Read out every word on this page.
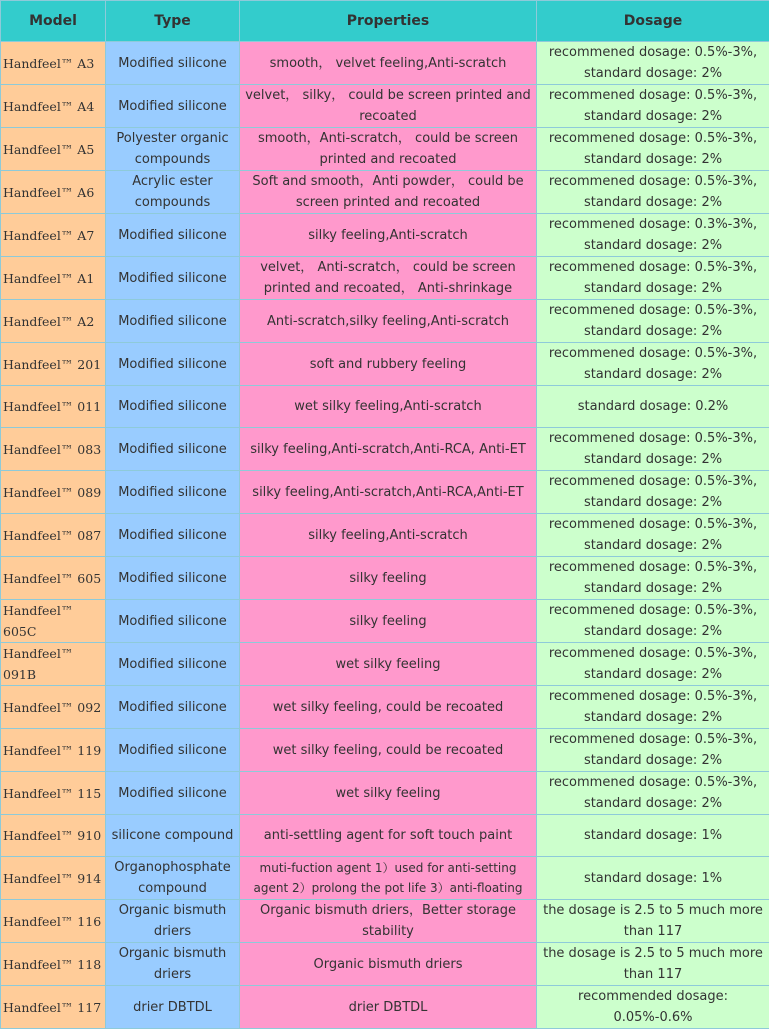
Model	Type	Properties	Dosage
Handfeel™ A3	Modified silicone	smooth， velvet feeling,Anti-scratch	recommened dosage: 0.5%-3%, standard dosage: 2%
Handfeel™ A4	Modified silicone	velvet， silky， could be screen printed and recoated	recommened dosage: 0.5%-3%, standard dosage: 2%
Handfeel™ A5	Polyester organic compounds	smooth，Anti-scratch， could be screen printed and recoated	recommened dosage: 0.5%-3%, standard dosage: 2%
Handfeel™ A6	Acrylic ester compounds	Soft and smooth，Anti powder， could be screen printed and recoated	recommened dosage: 0.5%-3%, standard dosage: 2%
Handfeel™ A7	Modified silicone	silky feeling,Anti-scratch	recommened dosage: 0.3%-3%, standard dosage: 2%
Handfeel™ A1	Modified silicone	velvet， Anti-scratch， could be screen printed and recoated， Anti-shrinkage	recommened dosage: 0.5%-3%, standard dosage: 2%
Handfeel™ A2	Modified silicone	Anti-scratch,silky feeling,Anti-scratch	recommened dosage: 0.5%-3%, standard dosage: 2%
Handfeel™ 201	Modified silicone	soft and rubbery feeling	recommened dosage: 0.5%-3%, standard dosage: 2%
Handfeel™ 011	Modified silicone	wet silky feeling,Anti-scratch	standard dosage: 0.2%
Handfeel™ 083	Modified silicone	silky feeling,Anti-scratch,Anti-RCA, Anti-ET	recommened dosage: 0.5%-3%, standard dosage: 2%
Handfeel™ 089	Modified silicone	silky feeling,Anti-scratch,Anti-RCA,Anti-ET	recommened dosage: 0.5%-3%, standard dosage: 2%
Handfeel™ 087	Modified silicone	silky feeling,Anti-scratch	recommened dosage: 0.5%-3%, standard dosage: 2%
Handfeel™ 605	Modified silicone	silky feeling	recommened dosage: 0.5%-3%, standard dosage: 2%
Handfeel™ 605C	Modified silicone	silky feeling	recommened dosage: 0.5%-3%, standard dosage: 2%
Handfeel™ 091B	Modified silicone	wet silky feeling	recommened dosage: 0.5%-3%, standard dosage: 2%
Handfeel™ 092	Modified silicone	wet silky feeling, could be recoated	recommened dosage: 0.5%-3%, standard dosage: 2%
Handfeel™ 119	Modified silicone	wet silky feeling, could be recoated	recommened dosage: 0.5%-3%, standard dosage: 2%
Handfeel™ 115	Modified silicone	wet silky feeling	recommened dosage: 0.5%-3%, standard dosage: 2%
Handfeel™ 910	silicone compound	anti-settling agent for soft touch paint	standard dosage: 1%
Handfeel™ 914	Organophosphate compound	muti-fuction agent 1）used for anti-setting agent 2）prolong the pot life 3）anti-floating	standard dosage: 1%
Handfeel™ 116	Organic bismuth driers	Organic bismuth driers，Better storage stability	the dosage is 2.5 to 5 much more than 117
Handfeel™ 118	Organic bismuth driers	Organic bismuth driers	the dosage is 2.5 to 5 much more than 117
Handfeel™ 117	drier DBTDL	drier DBTDL	recommended dosage: 0.05%-0.6%
